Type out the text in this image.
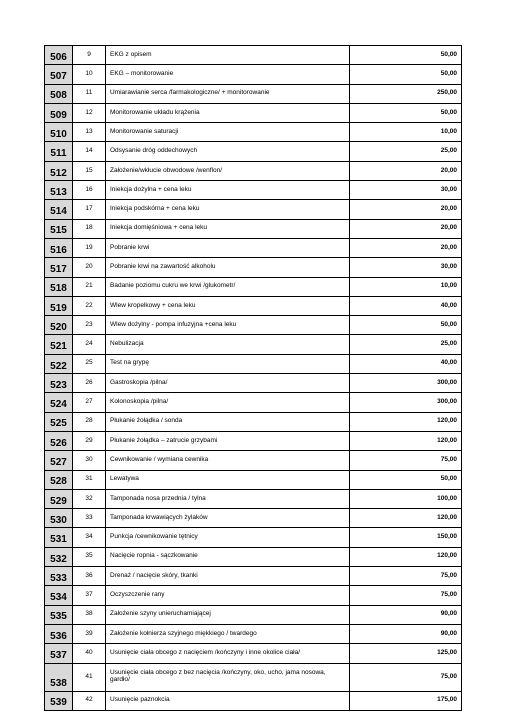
506	9	EKG z opisem	50,00
507	10	EKG – monitorowanie	50,00
508	11	Umiarawianie serca /farmakologiczne/ + monitorowanie	250,00
509	12	Monitorowanie układu krążenia	50,00
510	13	Monitorowanie saturacji	10,00
511	14	Odsysanie dróg oddechowych	25,00
512	15	Założenie/wkłucie obwodowe /wenflon/	20,00
513	16	Iniekcja dożylna + cena leku	30,00
514	17	Iniekcja podskórna + cena leku	20,00
515	18	Iniekcja domięśniowa + cena leku	20,00
516	19	Pobranie krwi	20,00
517	20	Pobranie krwi na zawartość alkoholu	30,00
518	21	Badanie poziomu cukru we krwi /glukometr/	10,00
519	22	Wlew kropelkowy + cena leku	40,00
520	23	Wlew dożylny - pompa infuzyjna +cena leku	50,00
521	24	Nebulizacja	25,00
522	25	Test na grypę	40,00
523	26	Gastroskopia /pilna/	300,00
524	27	Kolonoskopia /pilna/	300,00
525	28	Płukanie żołądka / sonda	120,00
526	29	Płukanie żołądka – zatrucie grzybami	120,00
527	30	Cewnikowanie / wymiana cewnika	75,00
528	31	Lewatywa	50,00
529	32	Tamponada nosa przednia / tylna	100,00
530	33	Tamponada krwawiących żylaków	120,00
531	34	Punkcja /cewnikowanie tętnicy	150,00
532	35	Nacięcie ropnia - sączkowanie	120,00
533	36	Drenaż / nacięcie skóry, tkanki	75,00
534	37	Oczyszczenie rany	75,00
535	38	Założenie szyny unieruchamiającej	90,00
536	39	Założenie kołnierza szyjnego miękkiego / twardego	90,00
537	40	Usunięcie ciała obcego z nacięciem /kończyny i inne okolice ciała/	125,00
538	41	Usunięcie ciała obcego z bez nacięcia /kończyny, oko, ucho, jama nosowa, gardło/	75,00
539	42	Usunięcie paznokcia	175,00
